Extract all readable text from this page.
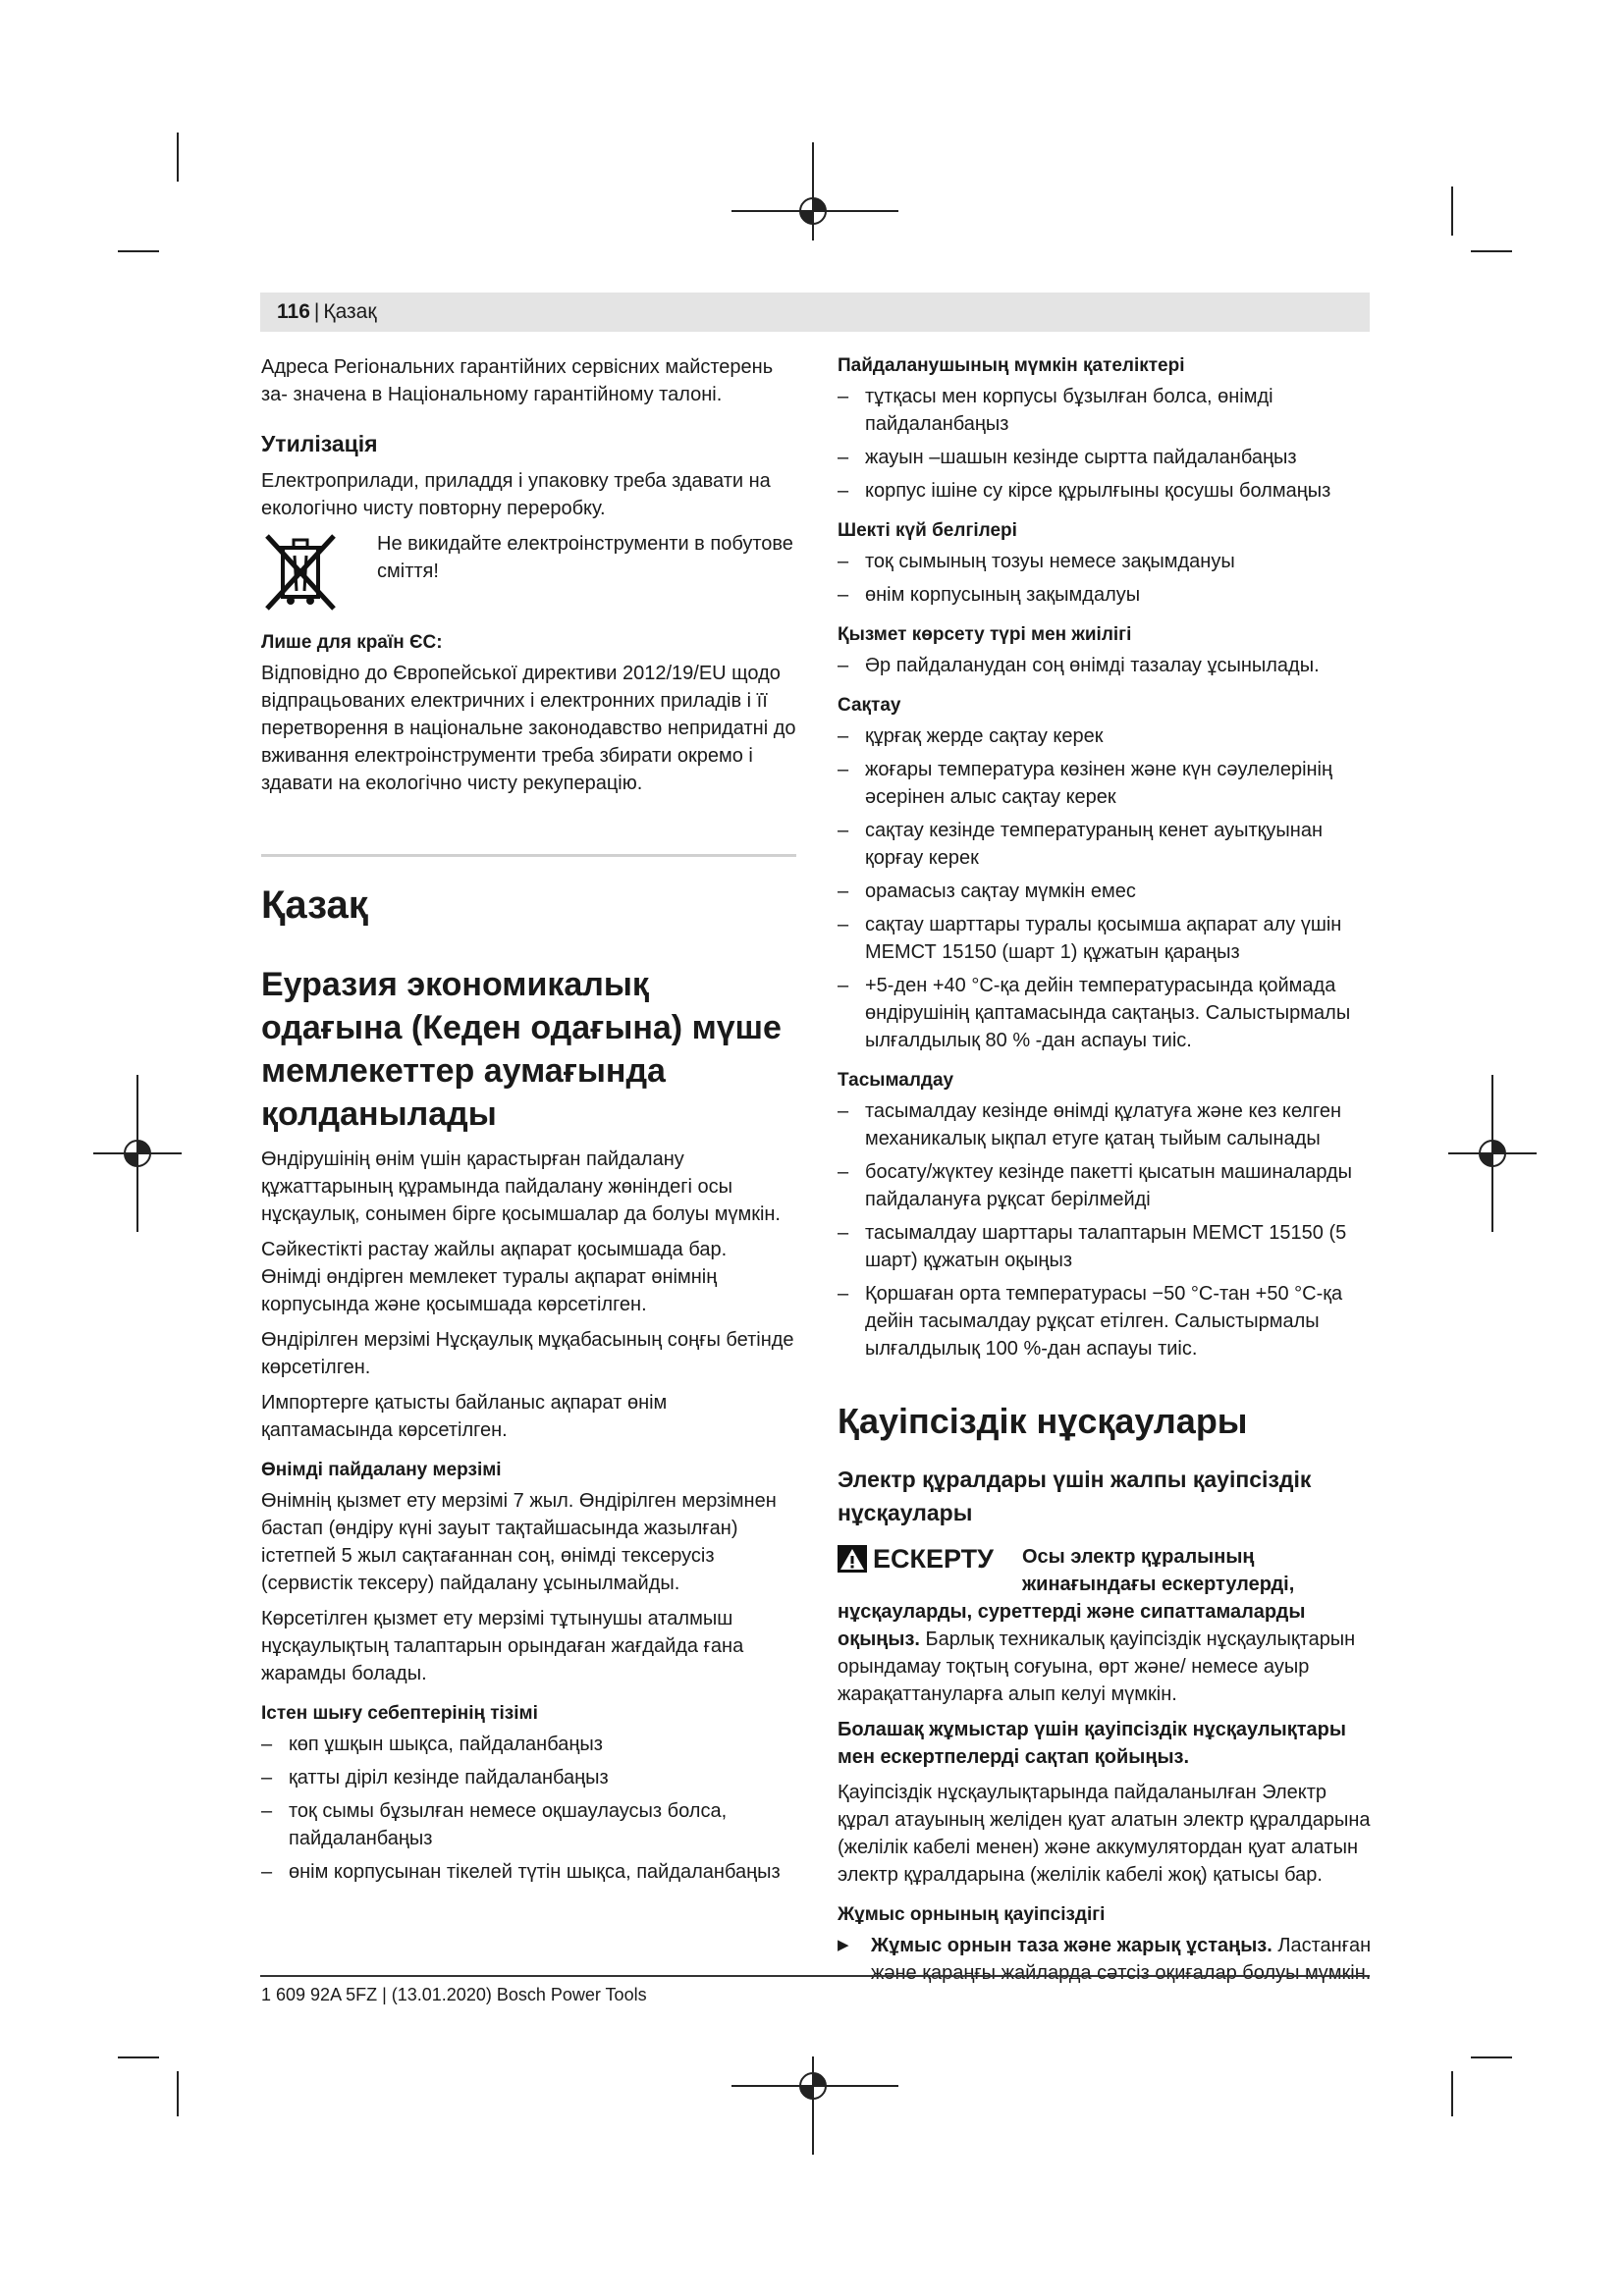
116 | Қазақ

Адреса Регіональних гарантійних сервісних майстерень за- значена в Національному гарантійному талоні.

Утилізація

Електроприлади, приладдя і упаковку треба здавати на екологічно чисту повторну переробку.

Не викидайте електроінструменти в побутове сміття!
Лише для країн ЄС:

Відповідно до Європейської директиви 2012/19/EU щодо відпрацьованих електричних і електронних приладів і її перетворення в національне законодавство непридатні до вживання електроінструменти треба збирати окремо і здавати на екологічно чисту рекуперацію.

Қазақ
Еуразия экономикалық одағына (Кеден одағына) мүше мемлекеттер аумағында қолданылады

Өндірушінің өнім үшін қарастырған пайдалану құжаттарының құрамында пайдалану жөніндегі осы нұсқаулық, сонымен бірге қосымшалар да болуы мүмкін.

Сәйкестікті растау жайлы ақпарат қосымшада бар.

Өнімді өндірген мемлекет туралы ақпарат өнімнің корпусында және қосымшада көрсетілген.

Өндірілген мерзімі Нұсқаулық мұқабасының соңғы бетінде көрсетілген.

Импортерге қатысты байланыс ақпарат өнім қаптамасында көрсетілген.

Өнімді пайдалану мерзімі

Өнімнің қызмет ету мерзімі 7 жыл. Өндірілген мерзімнен бастап (өндіру күні зауыт тақтайшасында жазылған) істетпей 5 жыл сақтағаннан соң, өнімді тексерусіз (сервистік тексеру) пайдалану ұсынылмайды.

Көрсетілген қызмет ету мерзімі тұтынушы аталмыш нұсқаулықтың талаптарын орындаған жағдайда ғана жарамды болады.

Істен шығу себептерінің тізімі
– көп ұшқын шықса, пайдаланбаңыз
– қатты діріл кезінде пайдаланбаңыз
– тоқ сымы бұзылған немесе оқшаулаусыз болса, пайдаланбаңыз
– өнім корпусынан тікелей түтін шықса, пайдаланбаңыз
Пайдаланушының мүмкін қателіктері
– тұтқасы мен корпусы бұзылған болса, өнімді пайдаланбаңыз
– жауын –шашын кезінде сыртта пайдаланбаңыз
– корпус ішіне су кірсе құрылғыны қосушы болмаңыз
Шекті күй белгілері
– тоқ сымының тозуы немесе зақымдануы
– өнім корпусының зақымдалуы
Қызмет көрсету түрі мен жиілігі
– Әр пайдаланудан соң өнімді тазалау ұсынылады.
Сақтау
– құрғақ жерде сақтау керек
– жоғары температура көзінен және күн сәулелерінің әсерінен алыс сақтау керек
– сақтау кезінде температураның кенет ауытқуынан қорғау керек
– орамасыз сақтау мүмкін емес
– сақтау шарттары туралы қосымша ақпарат алу үшін МЕМСТ 15150 (шарт 1) құжатын қараңыз
– +5-ден +40 °C-қа дейін температурасында қоймада өндірушінің қаптамасында сақтаңыз. Салыстырмалы ылғалдылық 80 % -дан аспауы тиіс.
Тасымалдау
– тасымалдау кезінде өнімді құлатуға және кез келген механикалық ықпал етуге қатаң тыйым салынады
– босату/жүктеу кезінде пакетті қысатын машиналарды пайдалануға рұқсат берілмейді
– тасымалдау шарттары талаптарын МЕМСТ 15150 (5 шарт) құжатын оқыңыз
– Қоршаған орта температурасы −50 °C-тан +50 °C-қа дейін тасымалдау рұқсат етілген. Салыстырмалы ылғалдылық 100 %-дан аспауы тиіс.
Қауіпсіздік нұсқаулары
Электр құралдары үшін жалпы қауіпсіздік нұсқаулары
ЕСКЕРТУ Осы электр құралының жинағындағы ескертулерді,

нұсқауларды, суреттерді және сипаттамаларды оқыңыз. Барлық техникалық қауіпсіздік нұсқаулықтарын орындамау тоқтың соғуына, өрт және/ немесе ауыр жарақаттануларға алып келуі мүмкін.

Болашақ жұмыстар үшін қауіпсіздік нұсқаулықтары мен ескертпелерді сақтап қойыңыз.

Қауіпсіздік нұсқаулықтарында пайдаланылған Электр құрал атауының желіден қуат алатын электр құралдарына (желілік кабелі менен) және аккумулятордан қуат алатын электр құралдарына (желілік кабелі жоқ) қатысы бар.

Жұмыс орнының қауіпсіздігі

▶ Жұмыс орнын таза және жарық ұстаңыз. Ластанған және қараңғы жайларда сәтсіз оқиғалар болуы мүмкін.

1 609 92A 5FZ | (13.01.2020) Bosch Power Tools
